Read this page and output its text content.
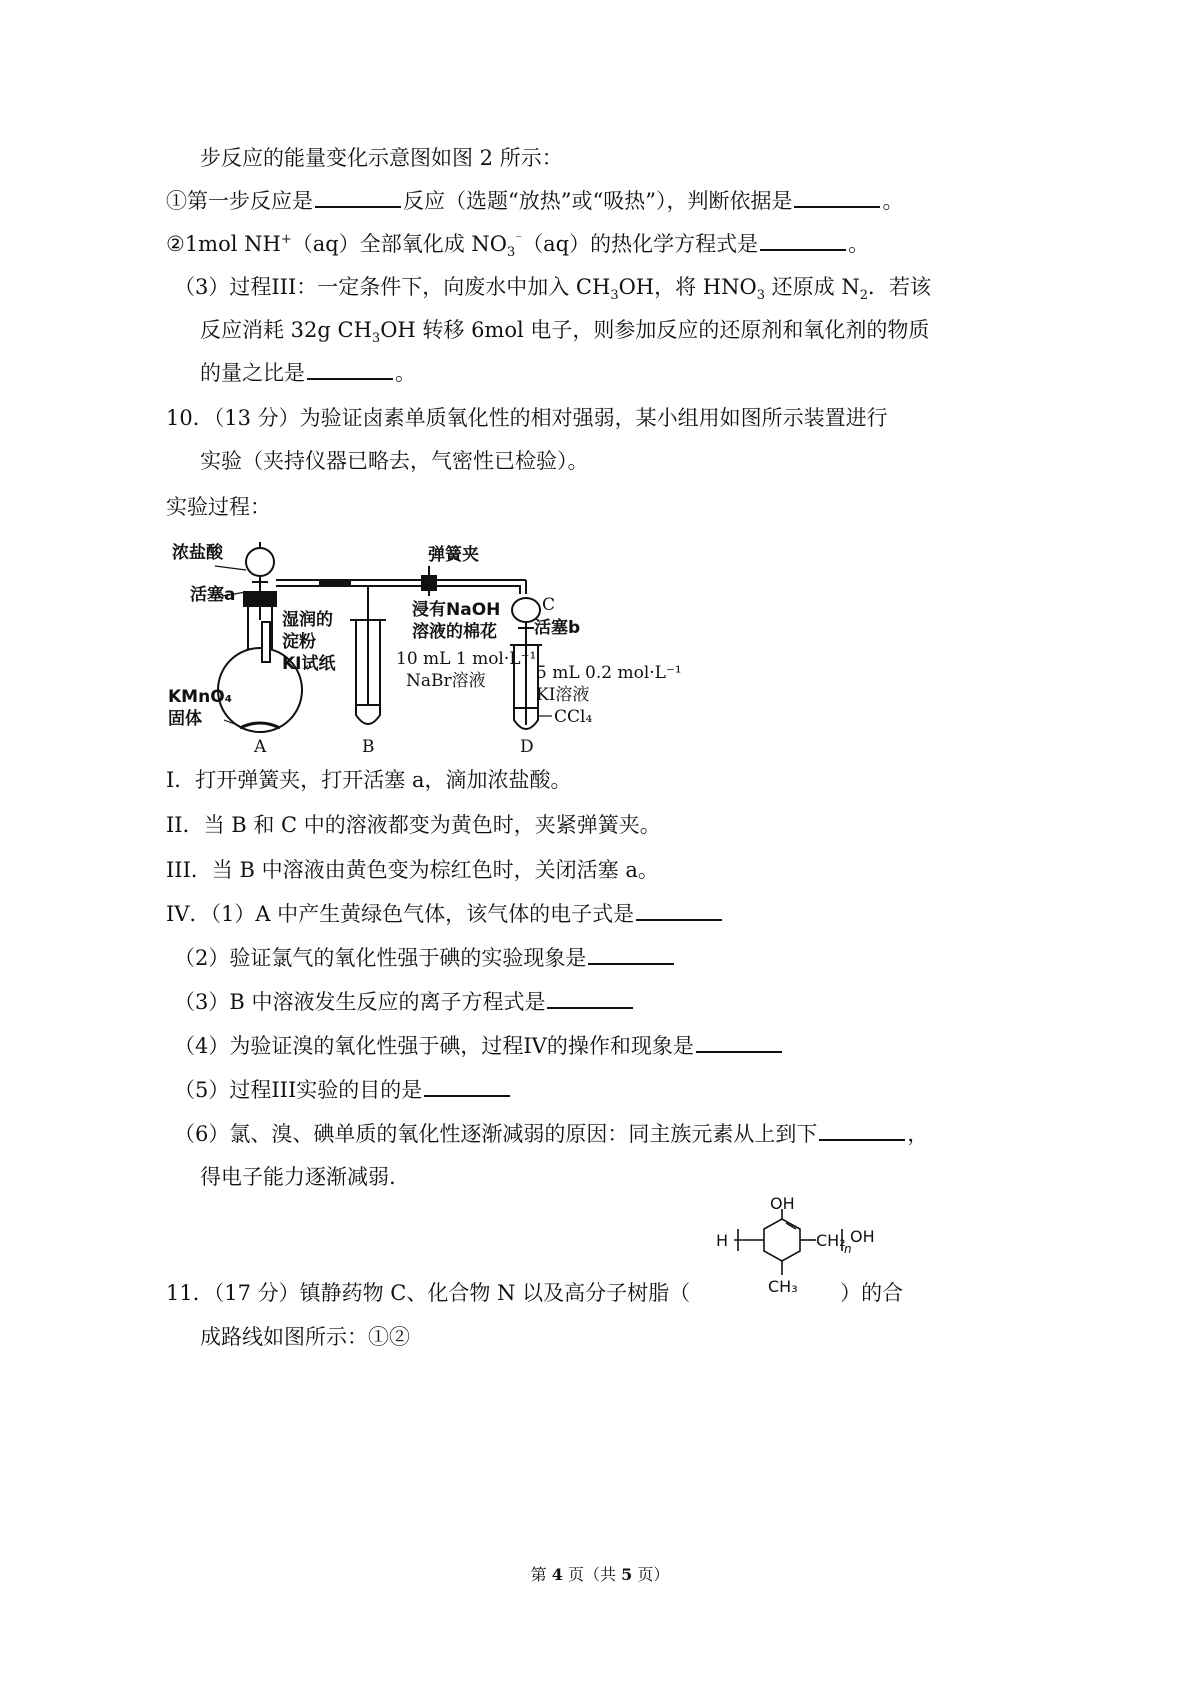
步反应的能量变化示意图如图 2 所示：
①第一步反应是	反应（选题“放热”或“吸热”），判断依据是	。
②1mol NH+（aq）全部氧化成 $NO_3^{^-}(aq)$的热化学方程式是	。
（3）过程III：一定条件下，向废水中加入 $CH_3OH$，将 $HNO_3$ 还原成 $N_2$．若该
反应消耗 32g $CH_3OH$ 转移 6mol 电子，则参加反应的还原剂和氧化剂的物质
的量之比是	。
10．（13 分）为验证卤素单质氧化性的相对强弱，某小组用如图所示装置进行
实验（夹持仪器已略去，气密性已检验）。
实验过程：
浓盐酸
活塞a
湿润的
淀粉
KI试纸
KMnO₄
固体
弹簧夹
浸有NaOH
溶液的棉花
10 mL 1 mol·L⁻¹
NaBr溶液
C
活塞b
5 mL 0.2 mol·L⁻¹
KI溶液
CCl₄
A	B	D
I．打开弹簧夹，打开活塞 a，滴加浓盐酸。
II．当 B 和 C 中的溶液都变为黄色时，夹紧弹簧夹。
III．当 B 中溶液由黄色变为棕红色时，关闭活塞 a。
IV．（1）A 中产生黄绿色气体，该气体的电子式是
（2）验证氯气的氧化性强于碘的实验现象是
（3）B 中溶液发生反应的离子方程式是
（4）为验证溴的氧化性强于碘，过程IV的操作和现象是
（5）过程III实验的目的是
（6）氯、溴、碘单质的氧化性逐渐减弱的原因：同主族元素从上到下	，
得电子能力逐渐减弱.
OH
H	CH₂
n
OH
CH₃
11．（17 分）镇静药物 C、化合物 N 以及高分子树脂（	）的合
成路线如图所示：①②
第 4 页（共 5 页）
